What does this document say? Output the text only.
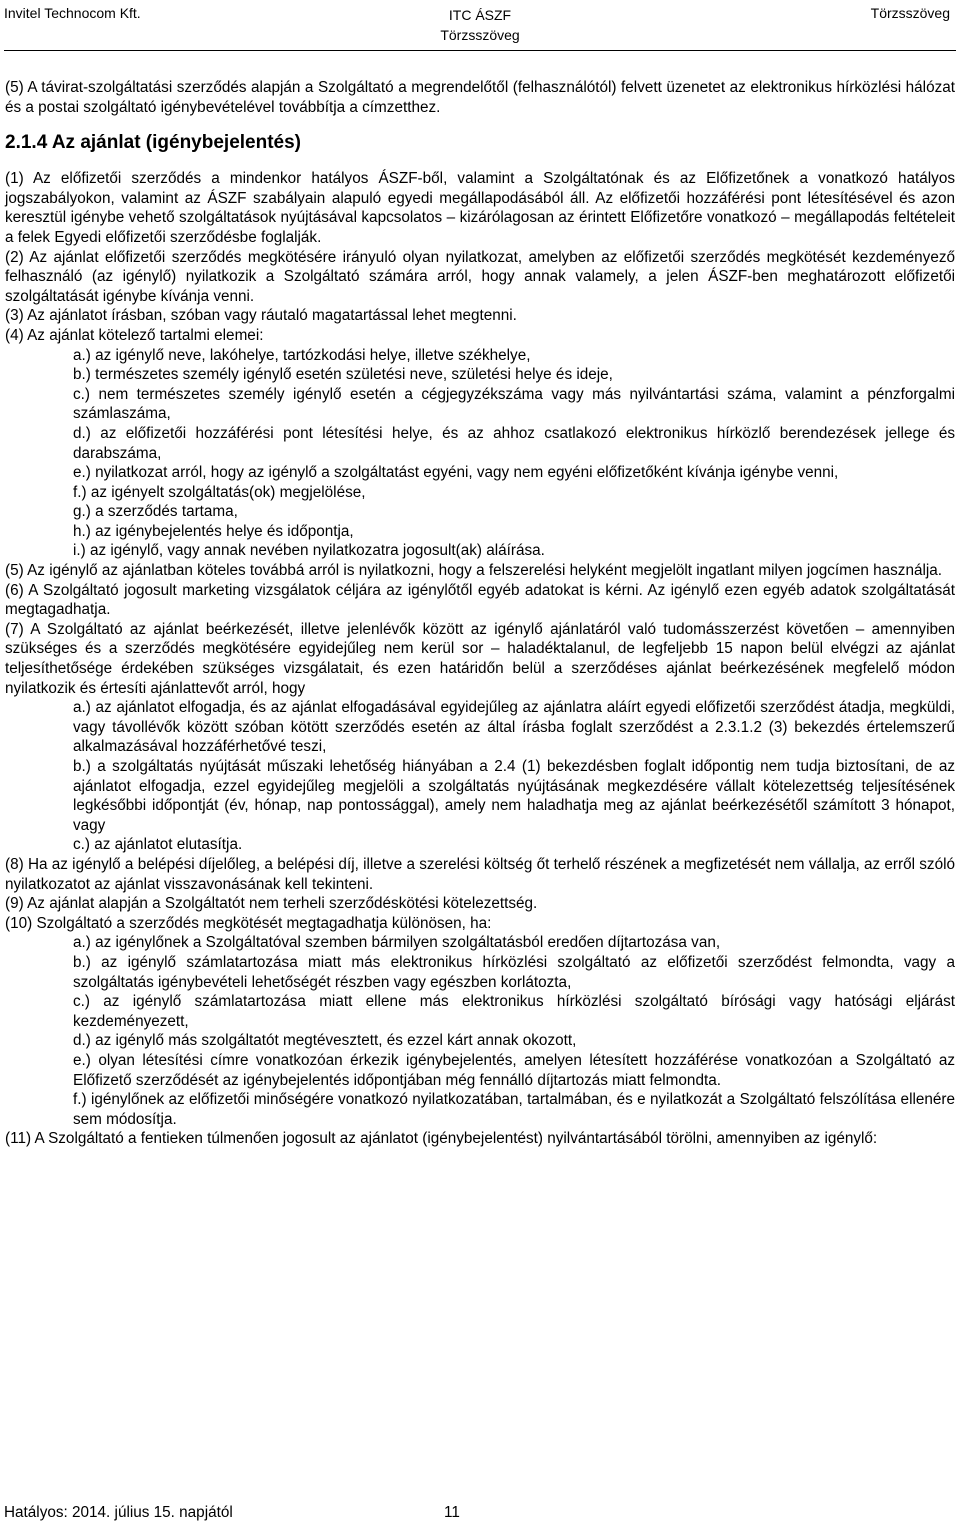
Invitel Technocom Kft.	ITC ÁSZF
Törzsszöveg
Törzsszöveg

(5) A távirat-szolgáltatási szerződés alapján a Szolgáltató a megrendelőtől (felhasználótól) felvett üzenetet az elektronikus hírközlési hálózat és a postai szolgáltató igénybevételével továbbítja a címzetthez.

2.1.4 Az ajánlat (igénybejelentés)

(1) Az előfizetői szerződés a mindenkor hatályos ÁSZF-ből, valamint a Szolgáltatónak és az Előfizetőnek a vonatkozó hatályos jogszabályokon, valamint az ÁSZF szabályain alapuló egyedi megállapodásából áll. Az előfizetői hozzáférési pont létesítésével és azon keresztül igénybe vehető szolgáltatások nyújtásával kapcsolatos – kizárólagosan az érintett Előfizetőre vonatkozó – megállapodás feltételeit a felek Egyedi előfizetői szerződésbe foglalják.

(2) Az ajánlat előfizetői szerződés megkötésére irányuló olyan nyilatkozat, amelyben az előfizetői szerződés megkötését kezdeményező felhasználó (az igénylő) nyilatkozik a Szolgáltató számára arról, hogy annak valamely, a jelen ÁSZF-ben meghatározott előfizetői szolgáltatását igénybe kívánja venni.

(3) Az ajánlatot írásban, szóban vagy ráutaló magatartással lehet megtenni.

(4) Az ajánlat kötelező tartalmi elemei:

a.) az igénylő neve, lakóhelye, tartózkodási helye, illetve székhelye,

b.) természetes személy igénylő esetén születési neve, születési helye és ideje,

c.) nem természetes személy igénylő esetén a cégjegyzékszáma vagy más nyilvántartási száma, valamint a pénzforgalmi számlaszáma,

d.) az előfizetői hozzáférési pont létesítési helye, és az ahhoz csatlakozó elektronikus hírközlő berendezések jellege és darabszáma,

e.) nyilatkozat arról, hogy az igénylő a szolgáltatást egyéni, vagy nem egyéni előfizetőként kívánja igénybe venni,

f.) az igényelt szolgáltatás(ok) megjelölése,

g.) a szerződés tartama,

h.) az igénybejelentés helye és időpontja,

i.) az igénylő, vagy annak nevében nyilatkozatra jogosult(ak) aláírása.

(5) Az igénylő az ajánlatban köteles továbbá arról is nyilatkozni, hogy a felszerelési helyként megjelölt ingatlant milyen jogcímen használja.

(6) A Szolgáltató jogosult marketing vizsgálatok céljára az igénylőtől egyéb adatokat is kérni. Az igénylő ezen egyéb adatok szolgáltatását megtagadhatja.

(7) A Szolgáltató az ajánlat beérkezését, illetve jelenlévők között az igénylő ajánlatáról való tudomásszerzést követően – amennyiben szükséges és a szerződés megkötésére egyidejűleg nem kerül sor – haladéktalanul, de legfeljebb 15 napon belül elvégzi az ajánlat teljesíthetősége érdekében szükséges vizsgálatait, és ezen határidőn belül a szerződéses ajánlat beérkezésének megfelelő módon nyilatkozik és értesíti ajánlattevőt arról, hogy

a.) az ajánlatot elfogadja, és az ajánlat elfogadásával egyidejűleg az ajánlatra aláírt egyedi előfizetői szerződést átadja, megküldi, vagy távollévők között szóban kötött szerződés esetén az által írásba foglalt szerződést a 2.3.1.2 (3) bekezdés értelemszerű alkalmazásával hozzáférhetővé teszi,

b.) a szolgáltatás nyújtását műszaki lehetőség hiányában a 2.4 (1) bekezdésben foglalt időpontig nem tudja biztosítani, de az ajánlatot elfogadja, ezzel egyidejűleg megjelöli a szolgáltatás nyújtásának megkezdésére vállalt kötelezettség teljesítésének legkésőbbi időpontját (év, hónap, nap pontossággal), amely nem haladhatja meg az ajánlat beérkezésétől számított 3 hónapot, vagy

c.) az ajánlatot elutasítja.

(8) Ha az igénylő a belépési díjelőleg, a belépési díj, illetve a szerelési költség őt terhelő részének a megfizetését nem vállalja, az erről szóló nyilatkozatot az ajánlat visszavonásának kell tekinteni.

(9) Az ajánlat alapján a Szolgáltatót nem terheli szerződéskötési kötelezettség.

(10) Szolgáltató a szerződés megkötését megtagadhatja különösen, ha:

a.) az igénylőnek a Szolgáltatóval szemben bármilyen szolgáltatásból eredően díjtartozása van,

b.) az igénylő számlatartozása miatt más elektronikus hírközlési szolgáltató az előfizetői szerződést felmondta, vagy a szolgáltatás igénybevételi lehetőségét részben vagy egészben korlátozta,

c.) az igénylő számlatartozása miatt ellene más elektronikus hírközlési szolgáltató bírósági vagy hatósági eljárást kezdeményezett,

d.) az igénylő más szolgáltatót megtévesztett, és ezzel kárt annak okozott,

e.) olyan létesítési címre vonatkozóan érkezik igénybejelentés, amelyen létesített hozzáférése vonatkozóan a Szolgáltató az Előfizető szerződését az igénybejelentés időpontjában még fennálló díjtartozás miatt felmondta.

f.) igénylőnek az előfizetői minőségére vonatkozó nyilatkozatában, tartalmában, és e nyilatkozát a Szolgáltató felszólítása ellenére sem módosítja.

(11) A Szolgáltató a fentieken túlmenően jogosult az ajánlatot (igénybejelentést) nyilvántartásából törölni, amennyiben az igénylő:

Hatályos: 2014. július 15. napjától	11
